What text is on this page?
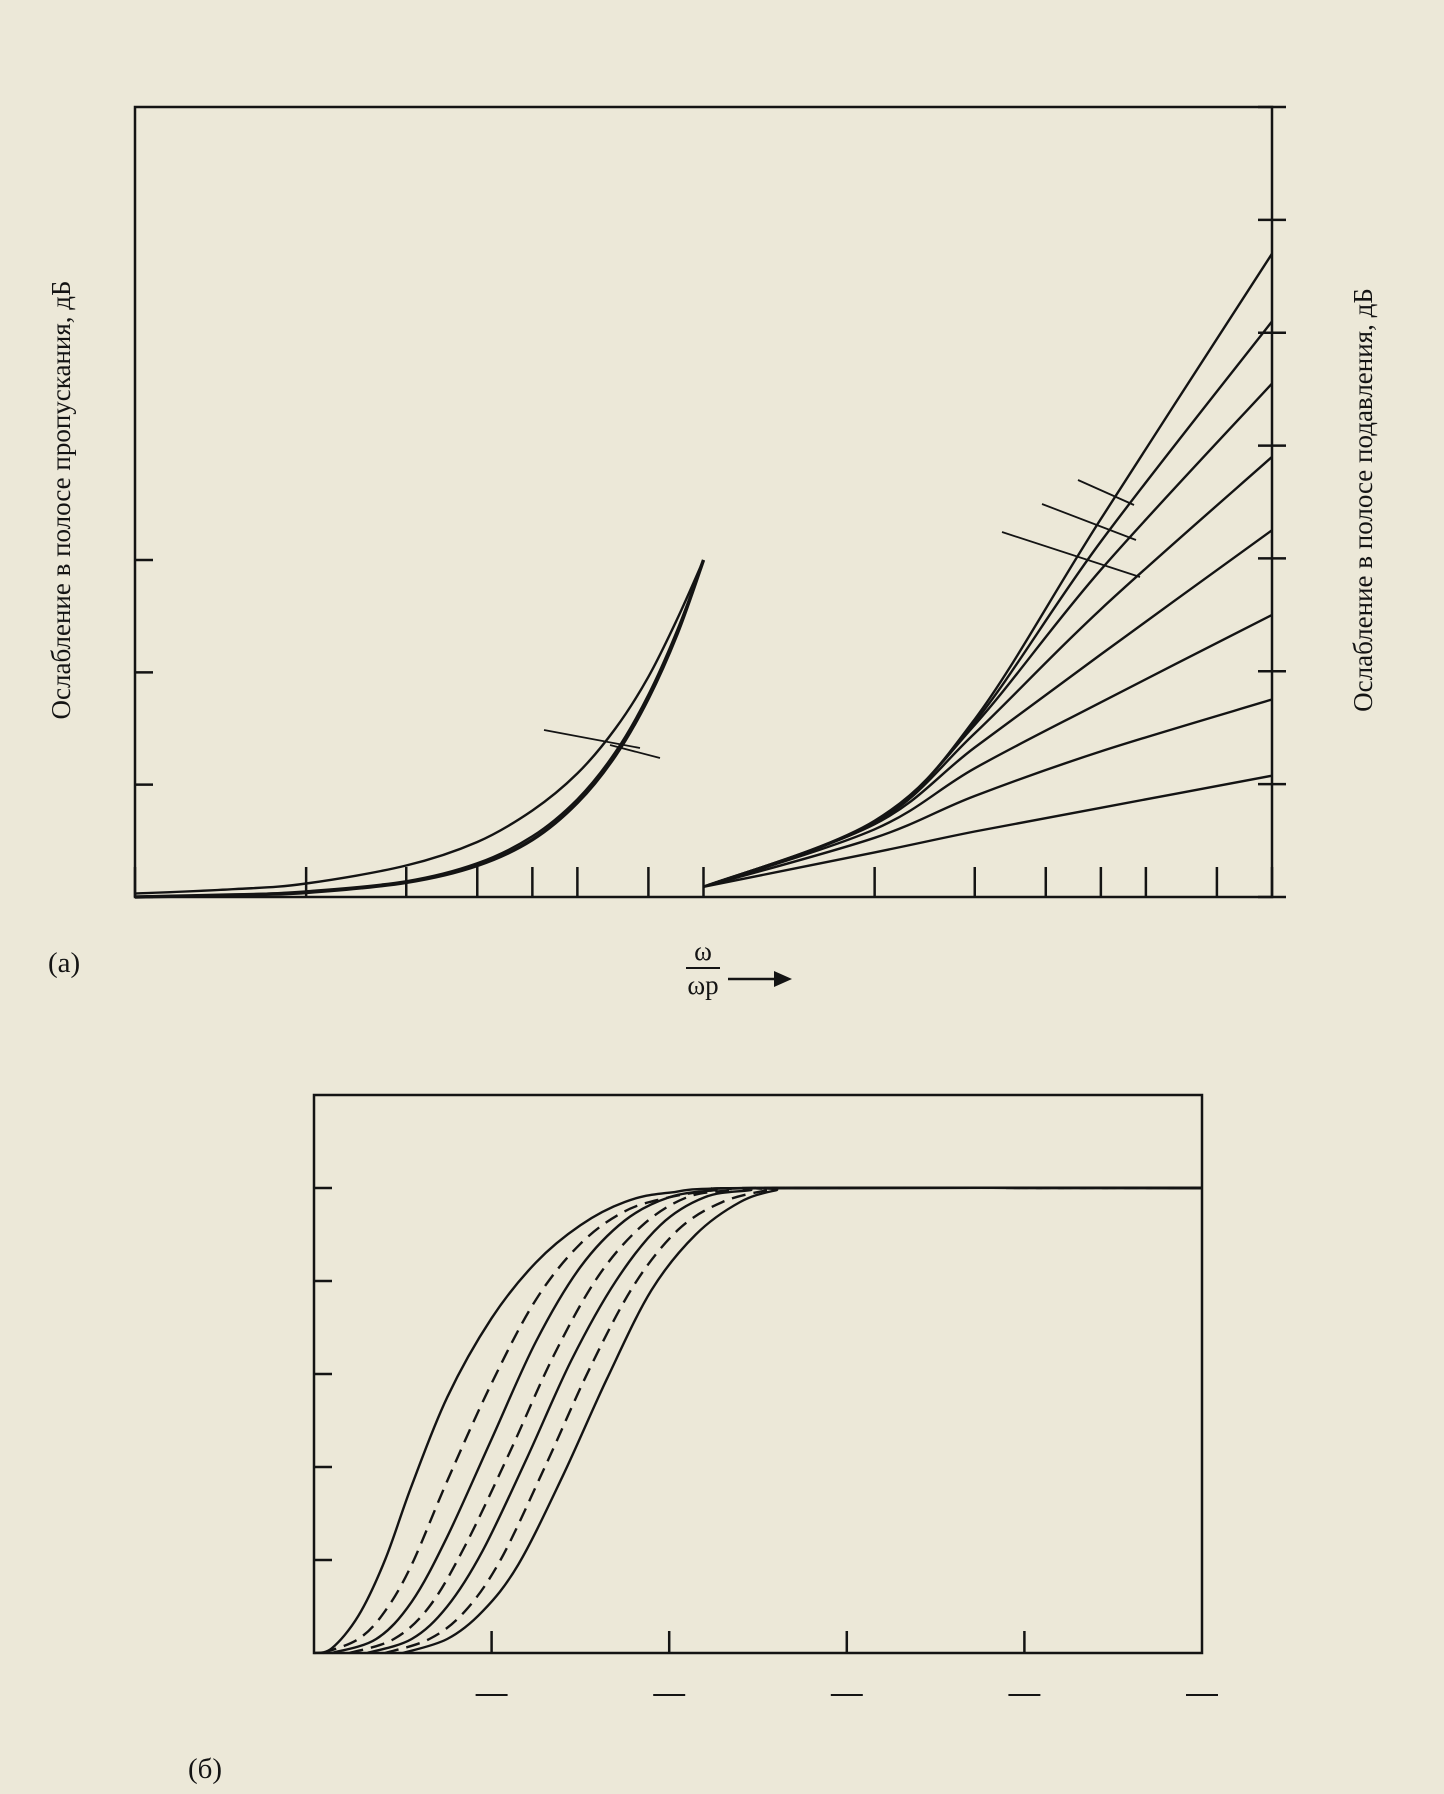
Ослабление в полосе пропускания, дБ	Ослабление в полосе подавления, дБ
(a)	ω
ωp
(б)
